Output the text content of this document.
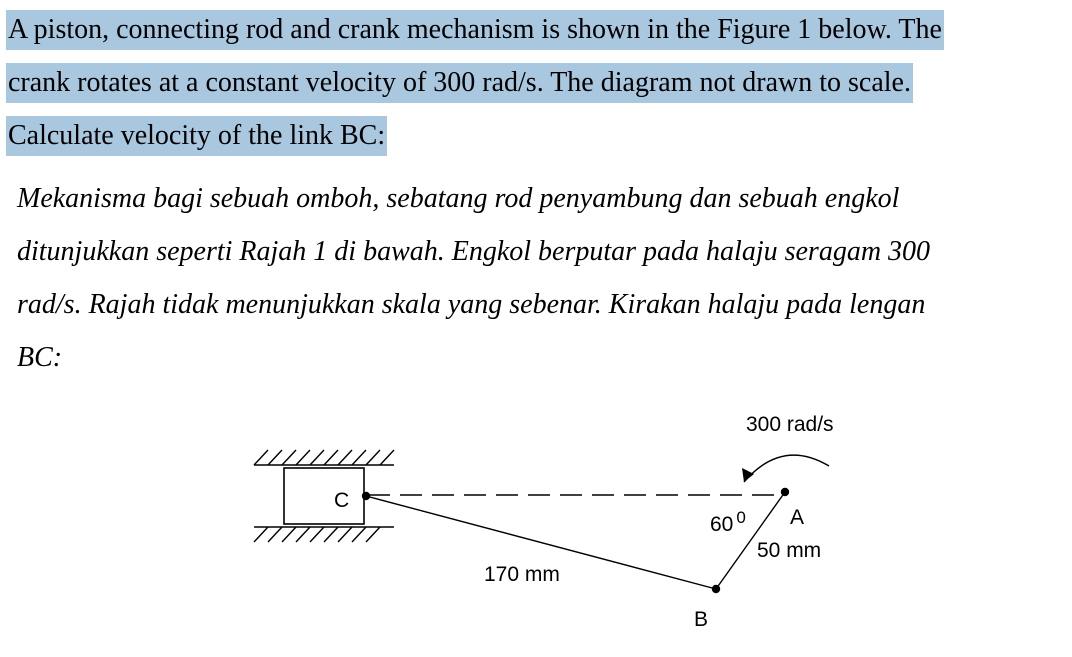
A piston, connecting rod and crank mechanism is shown in the Figure 1 below. The
crank rotates at a constant velocity of 300 rad/s. The diagram not drawn to scale.
Calculate velocity of the link BC:
Mekanisma bagi sebuah omboh, sebatang rod penyambung dan sebuah engkol
ditunjukkan seperti Rajah 1 di bawah. Engkol berputar pada halaju seragam 300
rad/s. Rajah tidak menunjukkan skala yang sebenar. Kirakan halaju pada lengan
BC:
C
300 rad/s
A
50 mm
60 $^0$
170 mm
B
